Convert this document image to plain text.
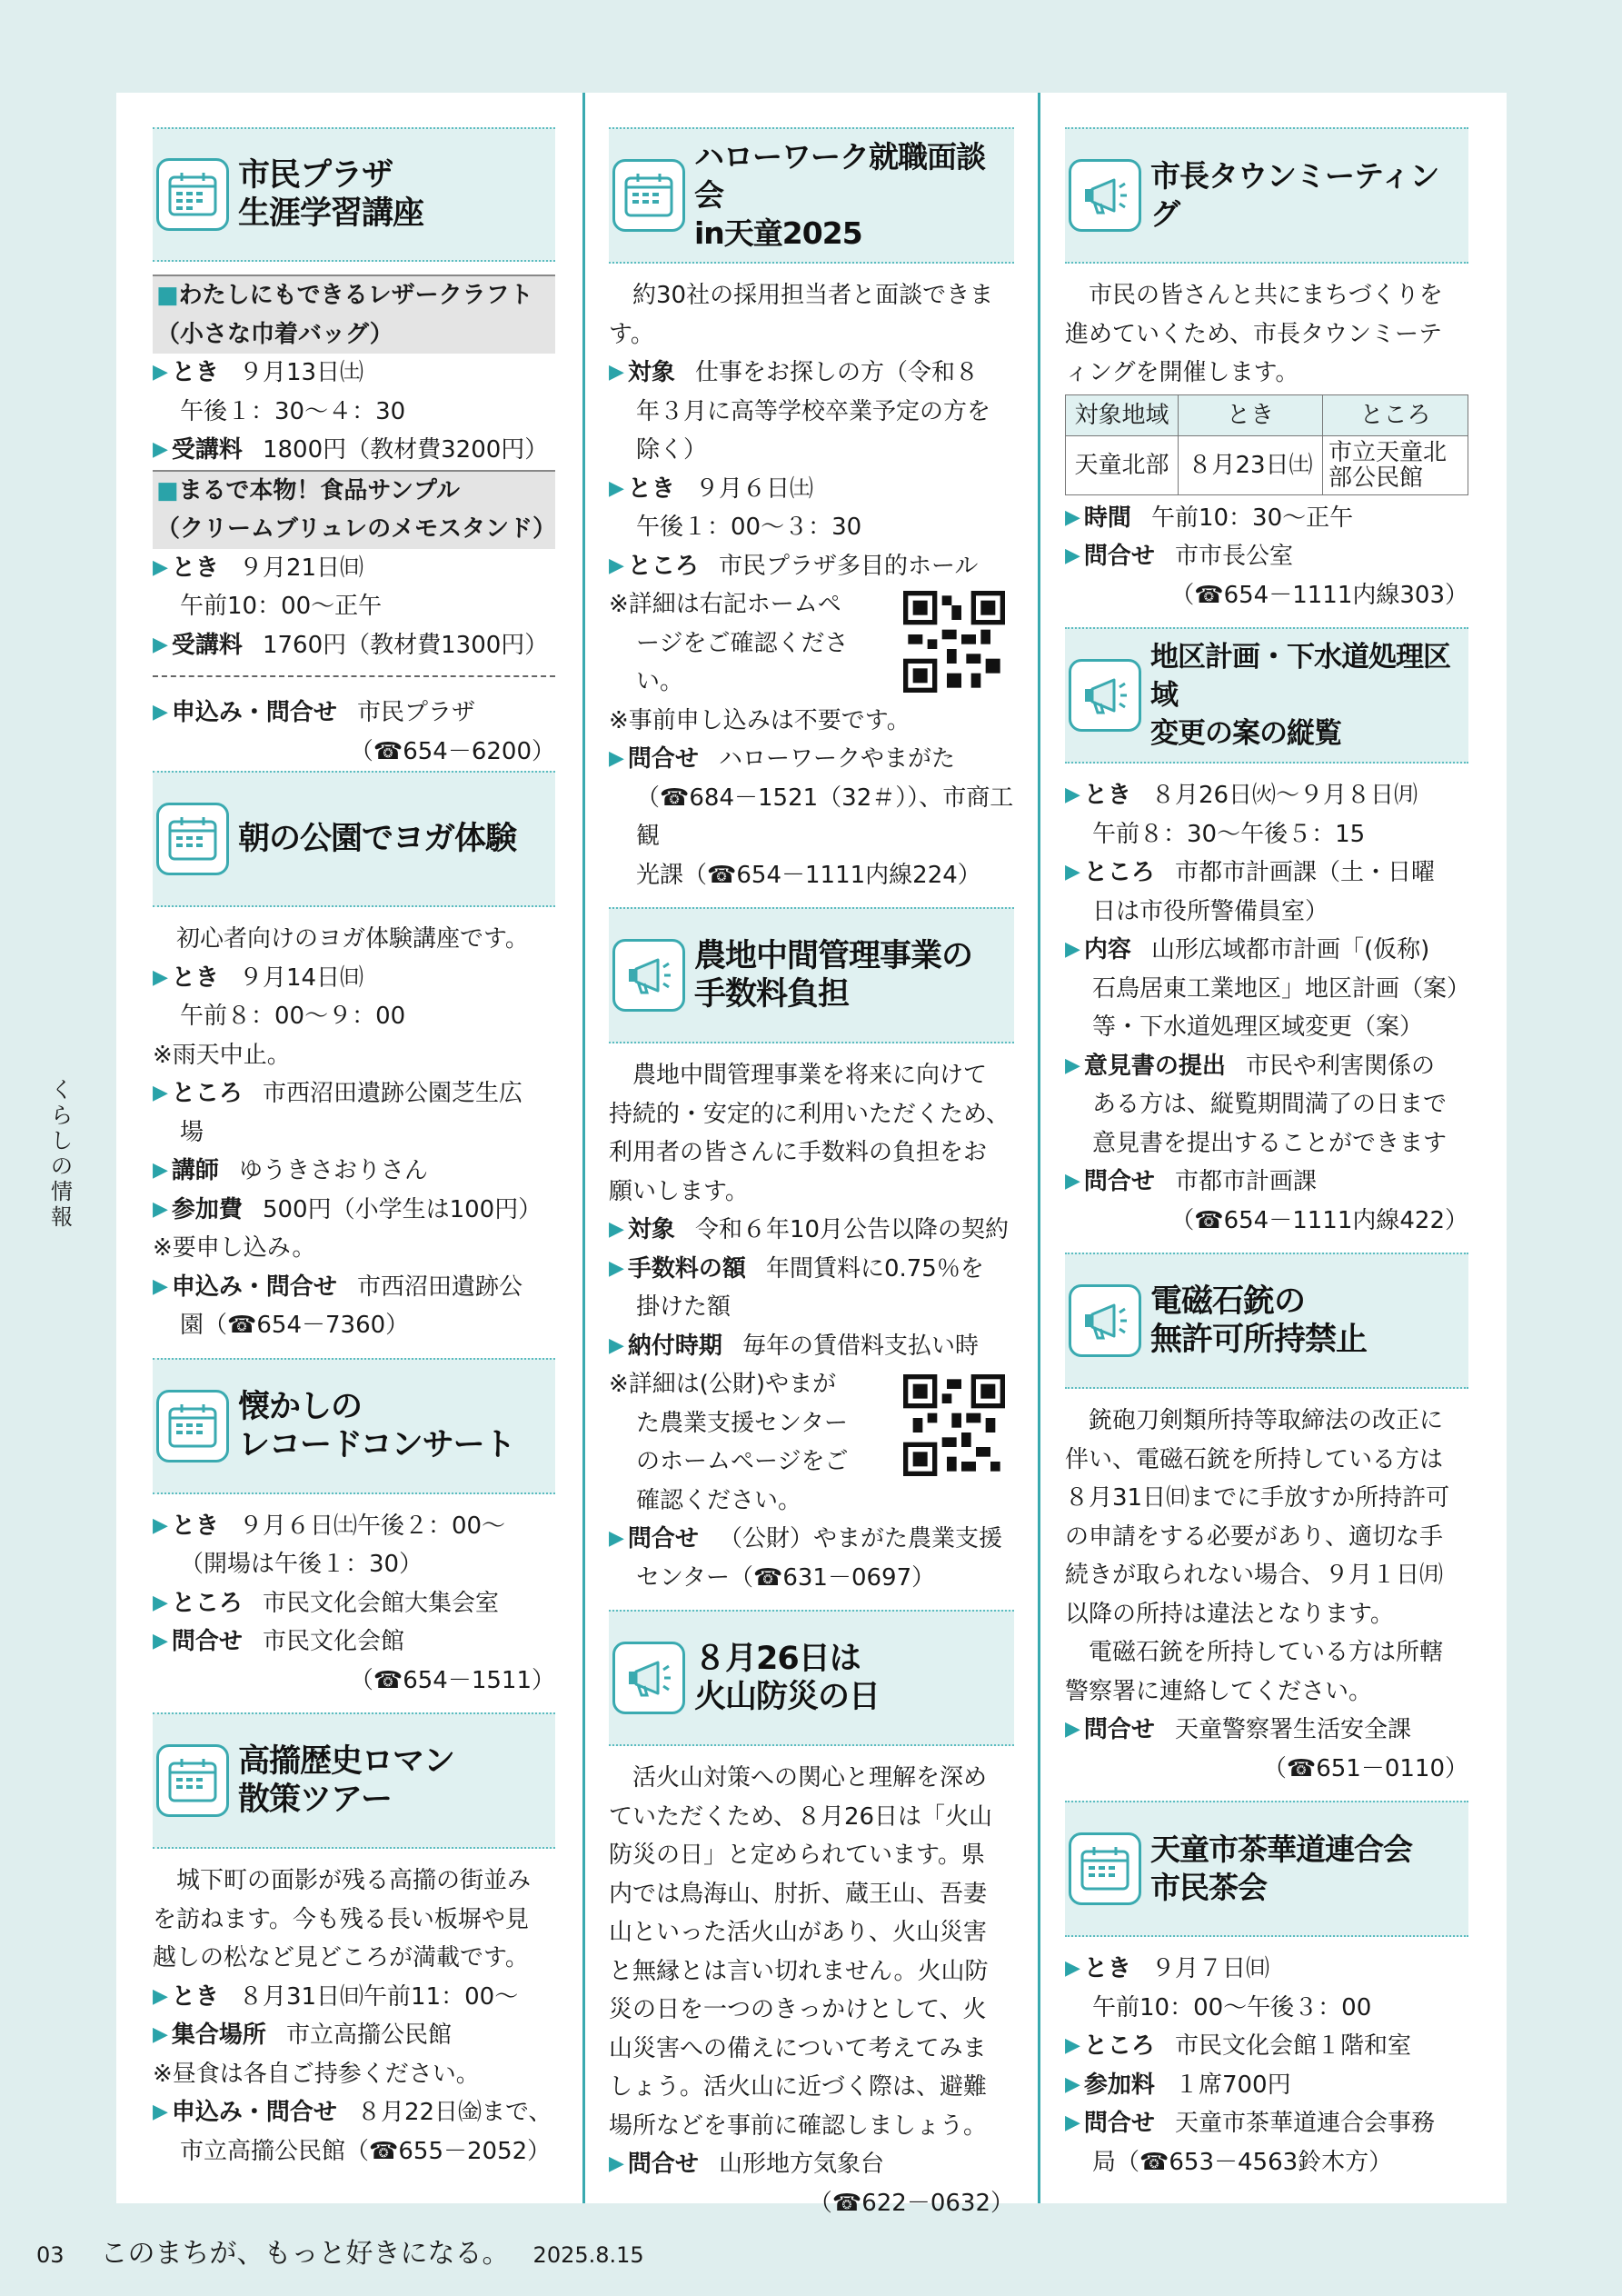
市民プラザ
生涯学習講座
■わたしにもできるレザークラフト
（小さな巾着バッグ）
▶ とき ９月13日㈯
午後１：30～４：30
▶ 受講料 1800円（教材費3200円）
■まるで本物！食品サンプル
（クリームブリュレのメモスタンド）
▶ とき ９月21日㈰
午前10：00～正午
▶ 受講料 1760円（教材費1300円）
▶ 申込み・問合せ 市民プラザ
（☎654－6200）
朝の公園でヨガ体験
初心者向けのヨガ体験講座です。
▶ とき ９月14日㈰
午前８：00～９：00
※雨天中止。
▶ ところ 市西沼田遺跡公園芝生広
場
▶ 講師 ゆうきさおりさん
▶ 参加費 500円（小学生は100円）
※要申し込み。
▶ 申込み・問合せ 市西沼田遺跡公
園（☎654－7360）
懐かしの
レコードコンサート
▶ とき ９月６日㈯午後２：00～
（開場は午後１：30）
▶ ところ 市民文化会館大集会室
▶ 問合せ 市民文化会館
（☎654－1511）
高擶歴史ロマン
散策ツアー
城下町の面影が残る高擶の街並み
を訪ねます。今も残る長い板塀や見
越しの松など見どころが満載です。
▶ とき ８月31日㈰午前11：00～
▶ 集合場所 市立高擶公民館
※昼食は各自ご持参ください。
▶ 申込み・問合せ ８月22日㈮まで、
市立高擶公民館（☎655－2052）
ハローワーク就職面談会
in天童2025
約30社の採用担当者と面談できま
す。
▶ 対象 仕事をお探しの方（令和８
年３月に高等学校卒業予定の方を
除く）
▶ とき ９月６日㈯
午後１：00～３：30
▶ ところ 市民プラザ多目的ホール
※詳細は右記ホームペ
ージをご確認くださ
い。
※事前申し込みは不要です。
▶ 問合せ ハローワークやまがた
（☎684－1521（32＃））、市商工観
光課（☎654－1111内線224）
農地中間管理事業の
手数料負担
農地中間管理事業を将来に向けて
持続的・安定的に利用いただくため、
利用者の皆さんに手数料の負担をお
願いします。
▶ 対象 令和６年10月公告以降の契約
▶ 手数料の額 年間賃料に0.75％を
掛けた額
▶ 納付時期 毎年の賃借料支払い時
※詳細は(公財)やまが
た農業支援センター
のホームページをご
確認ください。
▶ 問合せ （公財）やまがた農業支援
センター（☎631－0697）
８月26日は
火山防災の日
活火山対策への関心と理解を深め
ていただくため、８月26日は「火山
防災の日」と定められています。県
内では鳥海山、肘折、蔵王山、吾妻
山といった活火山があり、火山災害
と無縁とは言い切れません。火山防
災の日を一つのきっかけとして、火
山災害への備えについて考えてみま
しょう。活火山に近づく際は、避難
場所などを事前に確認しましょう。
▶ 問合せ 山形地方気象台
（☎622－0632）
市長タウンミーティング
市民の皆さんと共にまちづくりを
進めていくため、市長タウンミーテ
ィングを開催します。
対象地域	とき	ところ
天童北部	８月23日㈯	市立天童北部公民館
▶ 時間 午前10：30～正午
▶ 問合せ 市市長公室
（☎654－1111内線303）
地区計画・下水道処理区域
変更の案の縦覧
▶ とき ８月26日㈫～９月８日㈪
午前８：30～午後５：15
▶ ところ 市都市計画課（土・日曜
日は市役所警備員室）
▶ 内容 山形広域都市計画「(仮称)
石鳥居東工業地区」地区計画（案）
等・下水道処理区域変更（案）
▶ 意見書の提出 市民や利害関係の
ある方は、縦覧期間満了の日まで
意見書を提出することができます
▶ 問合せ 市都市計画課
（☎654－1111内線422）
電磁石銃の
無許可所持禁止
銃砲刀剣類所持等取締法の改正に
伴い、電磁石銃を所持している方は
８月31日㈰までに手放すか所持許可
の申請をする必要があり、適切な手
続きが取られない場合、９月１日㈪
以降の所持は違法となります。
電磁石銃を所持している方は所轄
警察署に連絡してください。
▶ 問合せ 天童警察署生活安全課
（☎651－0110）
天童市茶華道連合会
市民茶会
▶ とき ９月７日㈰
午前10：00～午後３：00
▶ ところ 市民文化会館１階和室
▶ 参加料 １席700円
▶ 問合せ 天童市茶華道連合会事務
局（☎653－4563鈴木方）
くらしの情報
03 このまちが、もっと好きになる。 2025.8.15
